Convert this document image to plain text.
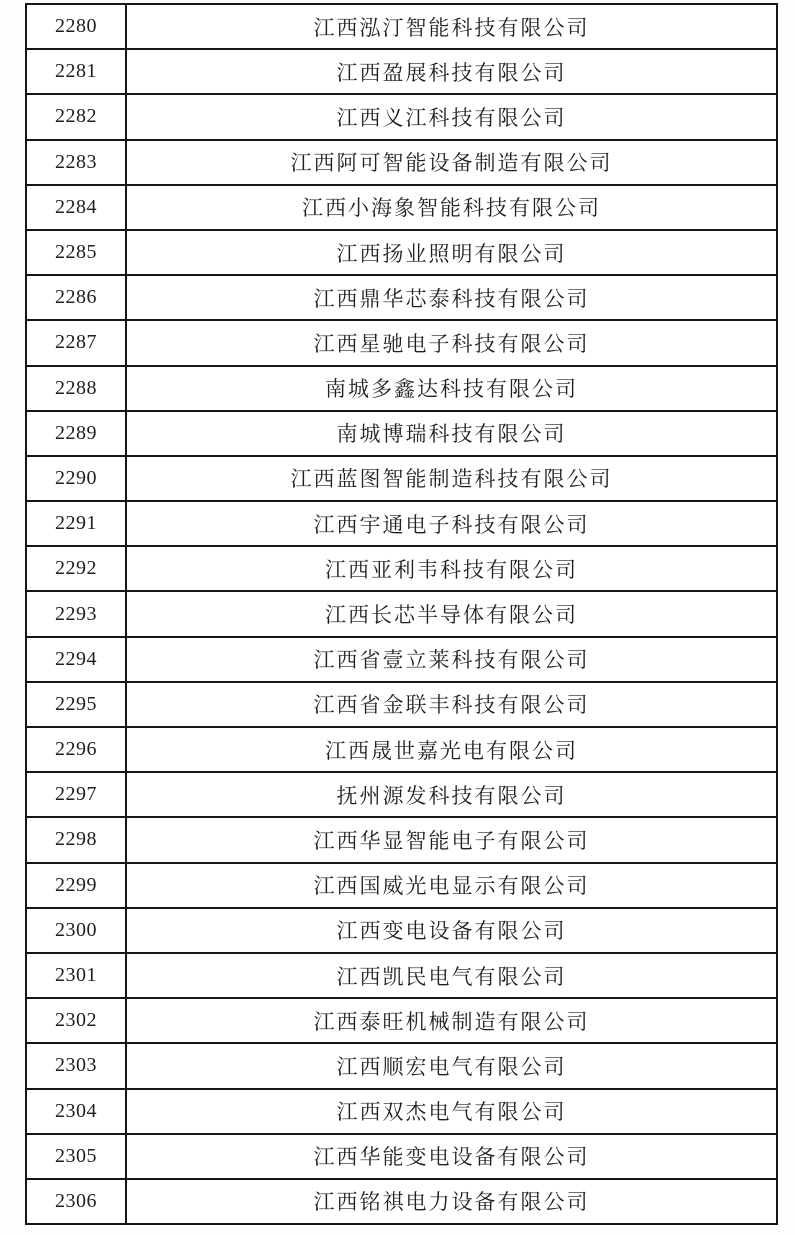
2280	江西泓汀智能科技有限公司
2281	江西盈展科技有限公司
2282	江西义江科技有限公司
2283	江西阿可智能设备制造有限公司
2284	江西小海象智能科技有限公司
2285	江西扬业照明有限公司
2286	江西鼎华芯泰科技有限公司
2287	江西星驰电子科技有限公司
2288	南城多鑫达科技有限公司
2289	南城博瑞科技有限公司
2290	江西蓝图智能制造科技有限公司
2291	江西宇通电子科技有限公司
2292	江西亚利韦科技有限公司
2293	江西长芯半导体有限公司
2294	江西省壹立莱科技有限公司
2295	江西省金联丰科技有限公司
2296	江西晟世嘉光电有限公司
2297	抚州源发科技有限公司
2298	江西华显智能电子有限公司
2299	江西国威光电显示有限公司
2300	江西变电设备有限公司
2301	江西凯民电气有限公司
2302	江西泰旺机械制造有限公司
2303	江西顺宏电气有限公司
2304	江西双杰电气有限公司
2305	江西华能变电设备有限公司
2306	江西铭祺电力设备有限公司
